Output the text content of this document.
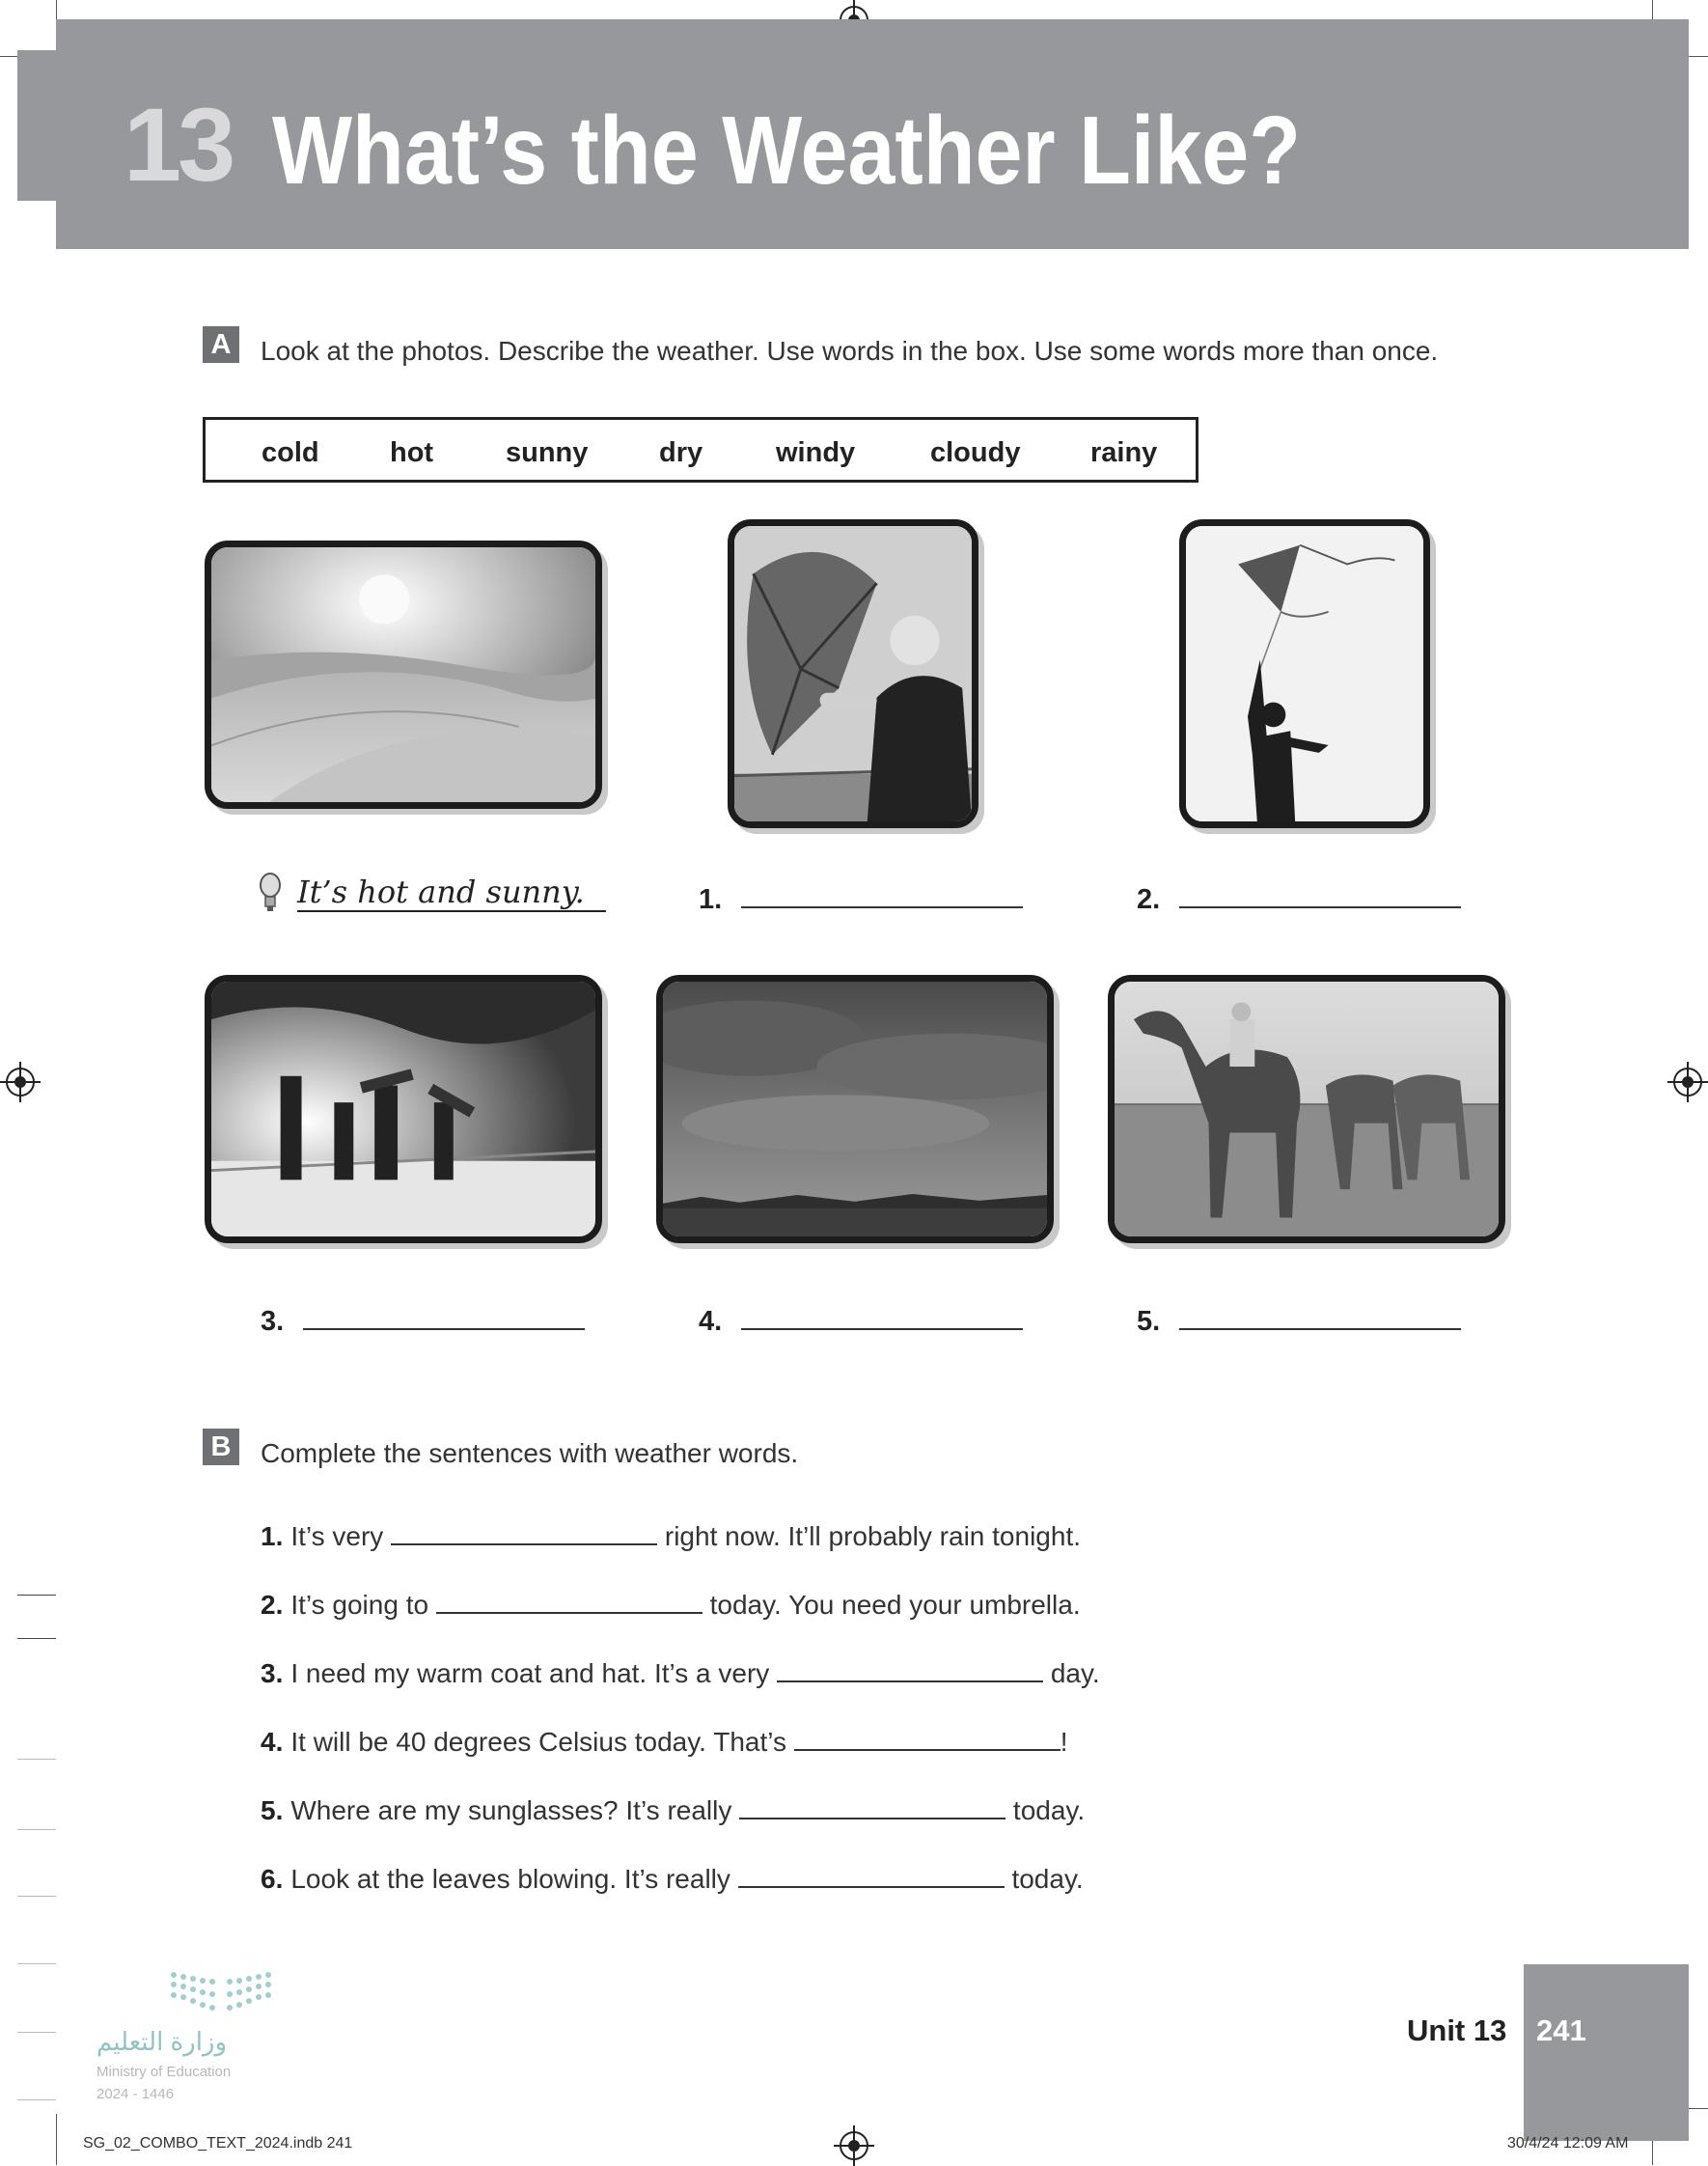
13 What’s the Weather Like?
A	Look at the photos. Describe the weather. Use words in the box. Use some words more than once.
cold	hot	sunny	dry	windy	cloudy	rainy
It’s hot and sunny.	1.	2.
3.	4.	5.
B	Complete the sentences with weather words.
1. It’s very	right now. It’ll probably rain tonight.
2. It’s going to	today. You need your umbrella.
3. I need my warm coat and hat. It’s a very	day.
4. It will be 40 degrees Celsius today. That’s	!
5. Where are my sunglasses? It’s really	today.
6. Look at the leaves blowing. It’s really	today.
وزارة التعليم
Ministry of Education
2024 - 1446
Unit 13 241
SG_02_COMBO_TEXT_2024.indb 241	30/4/24 12:09 AM
